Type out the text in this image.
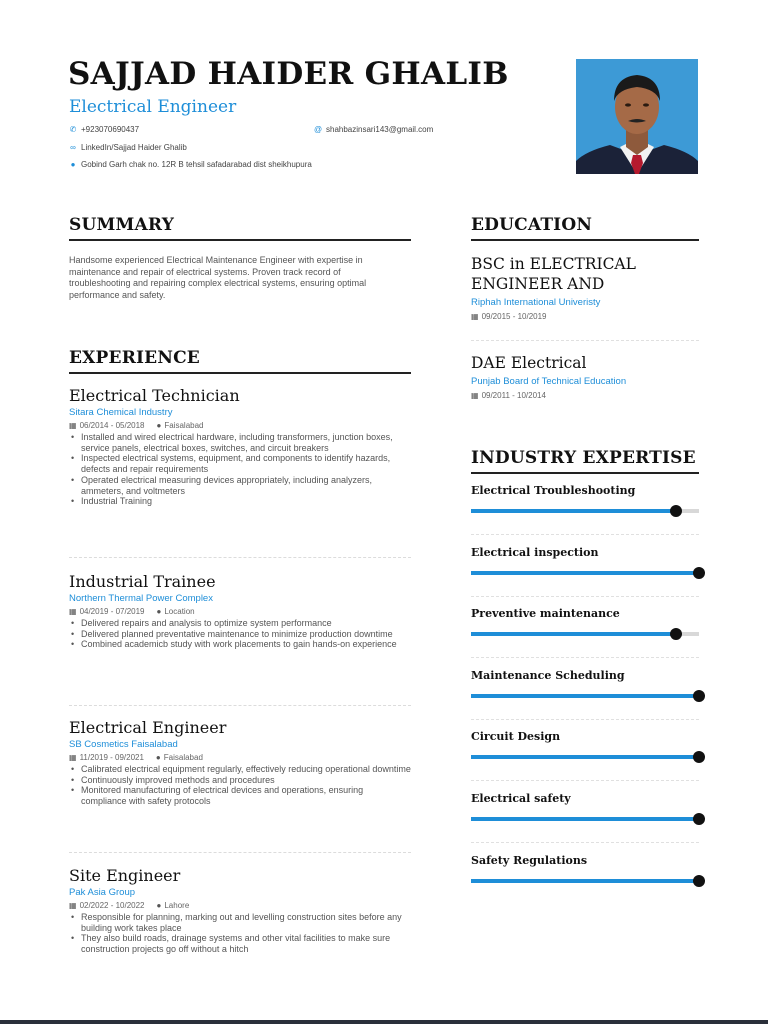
SAJJAD HAIDER GHALIB
Electrical Engineer
✆ +923070690437	@ shahbazinsari143@gmail.com
∞ LinkedIn/Sajjad Haider Ghalib
● Gobind Garh chak no. 12R B tehsil safadarabad dist sheikhupura
SUMMARY
Handsome experienced Electrical Maintenance Engineer with expertise in maintenance and repair of electrical systems. Proven track record of troubleshooting and repairing complex electrical systems, ensuring optimal performance and safety.
EXPERIENCE
Electrical Technician
Sitara Chemical Industry
▦ 06/2014 - 05/2018 ● Faisalabad
• Installed and wired electrical hardware, including transformers, junction boxes, service panels, electrical boxes, switches, and circuit breakers
• Inspected electrical systems, equipment, and components to identify hazards, defects and repair requirements
• Operated electrical measuring devices appropriately, including analyzers, ammeters, and voltmeters
• Industrial Training
Industrial Trainee
Northern Thermal Power Complex
▦ 04/2019 - 07/2019 ● Location
• Delivered repairs and analysis to optimize system performance
• Delivered planned preventative maintenance to minimize production downtime
• Combined academicb study with work placements to gain hands-on experience
Electrical Engineer
SB Cosmetics Faisalabad
▦ 11/2019 - 09/2021 ● Faisalabad
• Calibrated electrical equipment regularly, effectively reducing operational downtime
• Continuously improved methods and procedures
• Monitored manufacturing of electrical devices and operations, ensuring compliance with safety protocols
Site Engineer
Pak Asia Group
▦ 02/2022 - 10/2022 ● Lahore
• Responsible for planning, marking out and levelling construction sites before any building work takes place
• They also build roads, drainage systems and other vital facilities to make sure construction projects go off without a hitch
EDUCATION
BSC in ELECTRICAL ENGINEER AND
Riphah International Univeristy
▦ 09/2015 - 10/2019
DAE Electrical
Punjab Board of Technical Education
▦ 09/2011 - 10/2014
INDUSTRY EXPERTISE
Electrical Troubleshooting
Electrical inspection
Preventive maintenance
Maintenance Scheduling
Circuit Design
Electrical safety
Safety Regulations
